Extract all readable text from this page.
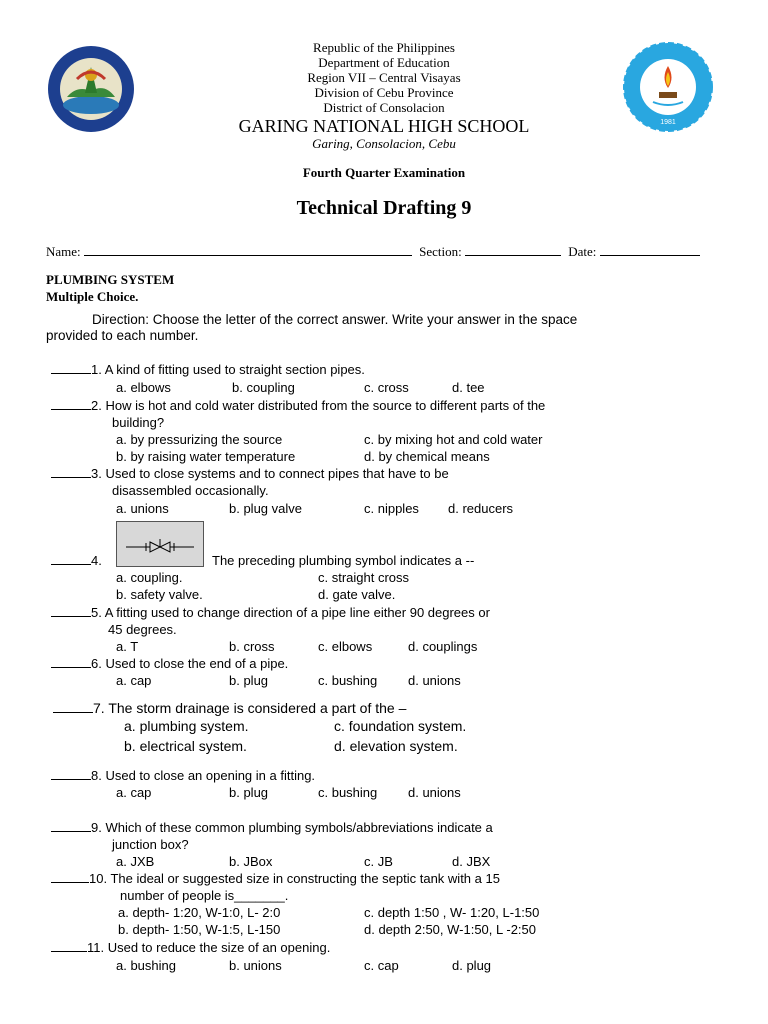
1981
Republic of the Philippines
Department of Education
Region VII – Central Visayas
Division of Cebu Province
District of Consolacion
GARING NATIONAL HIGH SCHOOL
Garing, Consolacion, Cebu
Fourth Quarter Examination
Technical Drafting 9
Name:	Section:	Date:
PLUMBING SYSTEM
Multiple Choice.
Direction: Choose the letter of the correct answer. Write your answer in the space
provided to each number.
1. A kind of fitting used to straight section pipes.
a. elbows	b. coupling	c. cross	d. tee
2. How is hot and cold water distributed from the source to different parts of the
building?
a. by pressurizing the source	c. by mixing hot and cold water
b. by raising water temperature	d. by chemical means
3. Used to close systems and to connect pipes that have to be
disassembled occasionally.
a. unions	b. plug valve	c. nipples d. reducers
4.	The preceding plumbing symbol indicates a --
a. coupling.	c. straight cross
b. safety valve.	d. gate valve.
5. A fitting used to change direction of a pipe line either 90 degrees or
45 degrees.
a. T	b. cross	c. elbows	d. couplings
6. Used to close the end of a pipe.
a. cap	b. plug	c. bushing d. unions
7. The storm drainage is considered a part of the –
a. plumbing system.	c. foundation system.
b. electrical system.	d. elevation system.
8. Used to close an opening in a fitting.
a. cap	b. plug	c. bushing d. unions
9. Which of these common plumbing symbols/abbreviations indicate a
junction box?
a. JXB	b. JBox	c. JB	d. JBX
10. The ideal or suggested size in constructing the septic tank with a 15
number of people is_______.
a. depth- 1:20, W-1:0, L- 2:0	c. depth 1:50 , W- 1:20, L-1:50
b. depth- 1:50, W-1:5, L-150	d. depth 2:50, W-1:50, L -2:50
11. Used to reduce the size of an opening.
a. bushing	b. unions	c. cap	d. plug
